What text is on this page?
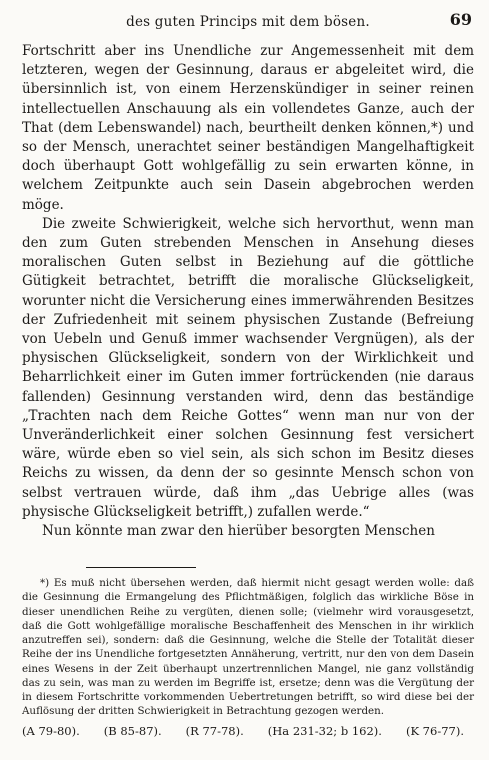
des guten Princips mit dem bösen.	69

Fortschritt aber ins Unendliche zur Angemessenheit mit dem letzteren, wegen der Gesinnung, daraus er abgeleitet wird, die übersinnlich ist, von einem Herzenskündiger in seiner reinen intellectuellen Anschauung als ein vollendetes Ganze, auch der That (dem Lebenswandel) nach, beurtheilt denken können,*) und so der Mensch, unerachtet seiner beständigen Mangelhaftigkeit doch überhaupt Gott wohlgefällig zu sein erwarten könne, in welchem Zeitpunkte auch sein Dasein abgebrochen werden möge.

Die zweite Schwierigkeit, welche sich hervorthut, wenn man den zum Guten strebenden Menschen in Ansehung dieses moralischen Guten selbst in Beziehung auf die göttliche Gütigkeit betrachtet, betrifft die moralische Glückseligkeit, worunter nicht die Versicherung eines immerwährenden Besitzes der Zufriedenheit mit seinem physischen Zustande (Befreiung von Uebeln und Genuß immer wachsender Vergnügen), als der physischen Glückseligkeit, sondern von der Wirklichkeit und Beharrlichkeit einer im Guten immer fortrückenden (nie daraus fallenden) Gesinnung verstanden wird, denn das beständige „Trachten nach dem Reiche Gottes“ wenn man nur von der Unveränderlichkeit einer solchen Gesinnung fest versichert wäre, würde eben so viel sein, als sich schon im Besitz dieses Reichs zu wissen, da denn der so gesinnte Mensch schon von selbst vertrauen würde, daß ihm „das Uebrige alles (was physische Glückseligkeit betrifft,) zufallen werde.“

Nun könnte man zwar den hierüber besorgten Menschen

*) Es muß nicht übersehen werden, daß hiermit nicht gesagt werden wolle: daß die Gesinnung die Ermangelung des Pflichtmäßigen, folglich das wirkliche Böse in dieser unendlichen Reihe zu vergüten, dienen solle; (vielmehr wird vorausgesetzt, daß die Gott wohlgefällige moralische Beschaffenheit des Menschen in ihr wirklich anzutreffen sei), sondern: daß die Gesinnung, welche die Stelle der Totalität dieser Reihe der ins Unendliche fortgesetzten Annäherung, vertritt, nur den von dem Dasein eines Wesens in der Zeit überhaupt unzertrennlichen Mangel, nie ganz vollständig das zu sein, was man zu werden im Begriffe ist, ersetze; denn was die Vergütung der in diesem Fortschritte vorkommenden Uebertretungen betrifft, so wird diese bei der Auflösung der dritten Schwierigkeit in Betrachtung gezogen werden.

(A 79-80). (B 85-87). (R 77-78). (Ha 231-32; b 162). (K 76-77).
